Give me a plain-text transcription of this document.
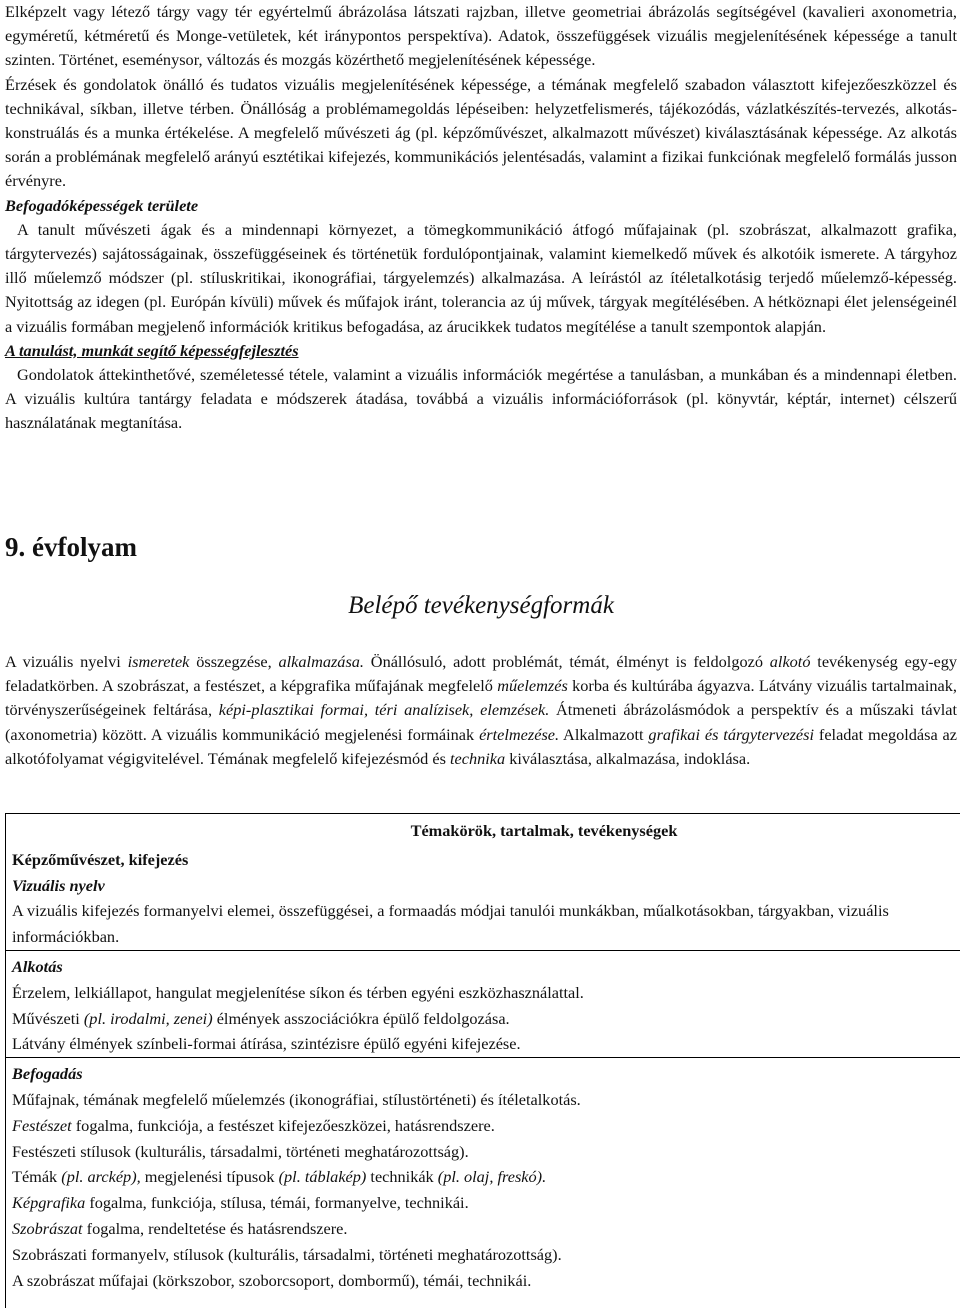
Elképzelt vagy létező tárgy vagy tér egyértelmű ábrázolása látszati rajzban, illetve geometriai ábrázolás segítségével (kavalieri axonometria, egyméretű, kétméretű és Monge-vetületek, két iránypontos perspektíva). Adatok, összefüggések vizuális megjelenítésének képessége a tanult szinten. Történet, eseménysor, változás és mozgás közérthető megjelenítésének képessége.

Érzések és gondolatok önálló és tudatos vizuális megjelenítésének képessége, a témának megfelelő szabadon választott kifejezőeszközzel és technikával, síkban, illetve térben. Önállóság a problémamegoldás lépéseiben: helyzetfelismerés, tájékozódás, vázlatkészítés-tervezés, alkotás-konstruálás és a munka értékelése. A megfelelő művészeti ág (pl. képzőművészet, alkalmazott művészet) kiválasztásának képessége. Az alkotás során a problémának megfelelő arányú esztétikai kifejezés, kommunikációs jelentésadás, valamint a fizikai funkciónak megfelelő formálás jusson érvényre.

Befogadóképességek területe

A tanult művészeti ágak és a mindennapi környezet, a tömegkommunikáció átfogó műfajainak (pl. szobrászat, alkalmazott grafika, tárgytervezés) sajátosságainak, összefüggéseinek és történetük fordulópontjainak, valamint kiemelkedő művek és alkotóik ismerete. A tárgyhoz illő műelemző módszer (pl. stíluskritikai, ikonográfiai, tárgyelemzés) alkalmazása. A leírástól az ítéletalkotásig terjedő műelemző-képesség. Nyitottság az idegen (pl. Európán kívüli) művek és műfajok iránt, tolerancia az új művek, tárgyak megítélésében. A hétköznapi élet jelenségeinél a vizuális formában megjelenő információk kritikus befogadása, az árucikkek tudatos megítélése a tanult szempontok alapján.

A tanulást, munkát segítő képességfejlesztés

Gondolatok áttekinthetővé, személetessé tétele, valamint a vizuális információk megértése a tanulásban, a munkában és a mindennapi életben. A vizuális kultúra tantárgy feladata e módszerek átadása, továbbá a vizuális információforrások (pl. könyvtár, képtár, internet) célszerű használatának megtanítása.

9. évfolyam
Belépő tevékenységformák

A vizuális nyelvi ismeretek összegzése, alkalmazása. Önállósuló, adott problémát, témát, élményt is feldolgozó alkotó tevékenység egy-egy feladatkörben. A szobrászat, a festészet, a képgrafika műfajának megfelelő műelemzés korba és kultúrába ágyazva. Látvány vizuális tartalmainak, törvényszerűségeinek feltárása, képi-plasztikai formai, téri analízisek, elemzések. Átmeneti ábrázolásmódok a perspektív és a műszaki távlat (axonometria) között. A vizuális kommunikáció megjelenési formáinak értelmezése. Alkalmazott grafikai és tárgytervezési feladat megoldása az alkotófolyamat végigvitelével. Témának megfelelő kifejezésmód és technika kiválasztása, alkalmazása, indoklása.

Témakörök, tartalmak, tevékenységek
Képzőművészet, kifejezés
Vizuális nyelv
A vizuális kifejezés formanyelvi elemei, összefüggései, a formaadás módjai tanulói munkákban, műalkotásokban, tárgyakban, vizuális információkban.
Alkotás
Érzelem, lelkiállapot, hangulat megjelenítése síkon és térben egyéni eszközhasználattal.
Művészeti (pl. irodalmi, zenei) élmények asszociációkra épülő feldolgozása.
Látvány élmények színbeli-formai átírása, szintézisre épülő egyéni kifejezése.
Befogadás
Műfajnak, témának megfelelő műelemzés (ikonográfiai, stílustörténeti) és ítéletalkotás.
Festészet fogalma, funkciója, a festészet kifejezőeszközei, hatásrendszere.
Festészeti stílusok (kulturális, társadalmi, történeti meghatározottság).
Témák (pl. arckép), megjelenési típusok (pl. táblakép) technikák (pl. olaj, freskó).
Képgrafika fogalma, funkciója, stílusa, témái, formanyelve, technikái.
Szobrászat fogalma, rendeltetése és hatásrendszere.
Szobrászati formanyelv, stílusok (kulturális, társadalmi, történeti meghatározottság).
A szobrászat műfajai (körkszobor, szoborcsoport, dombormű), témái, technikái.
